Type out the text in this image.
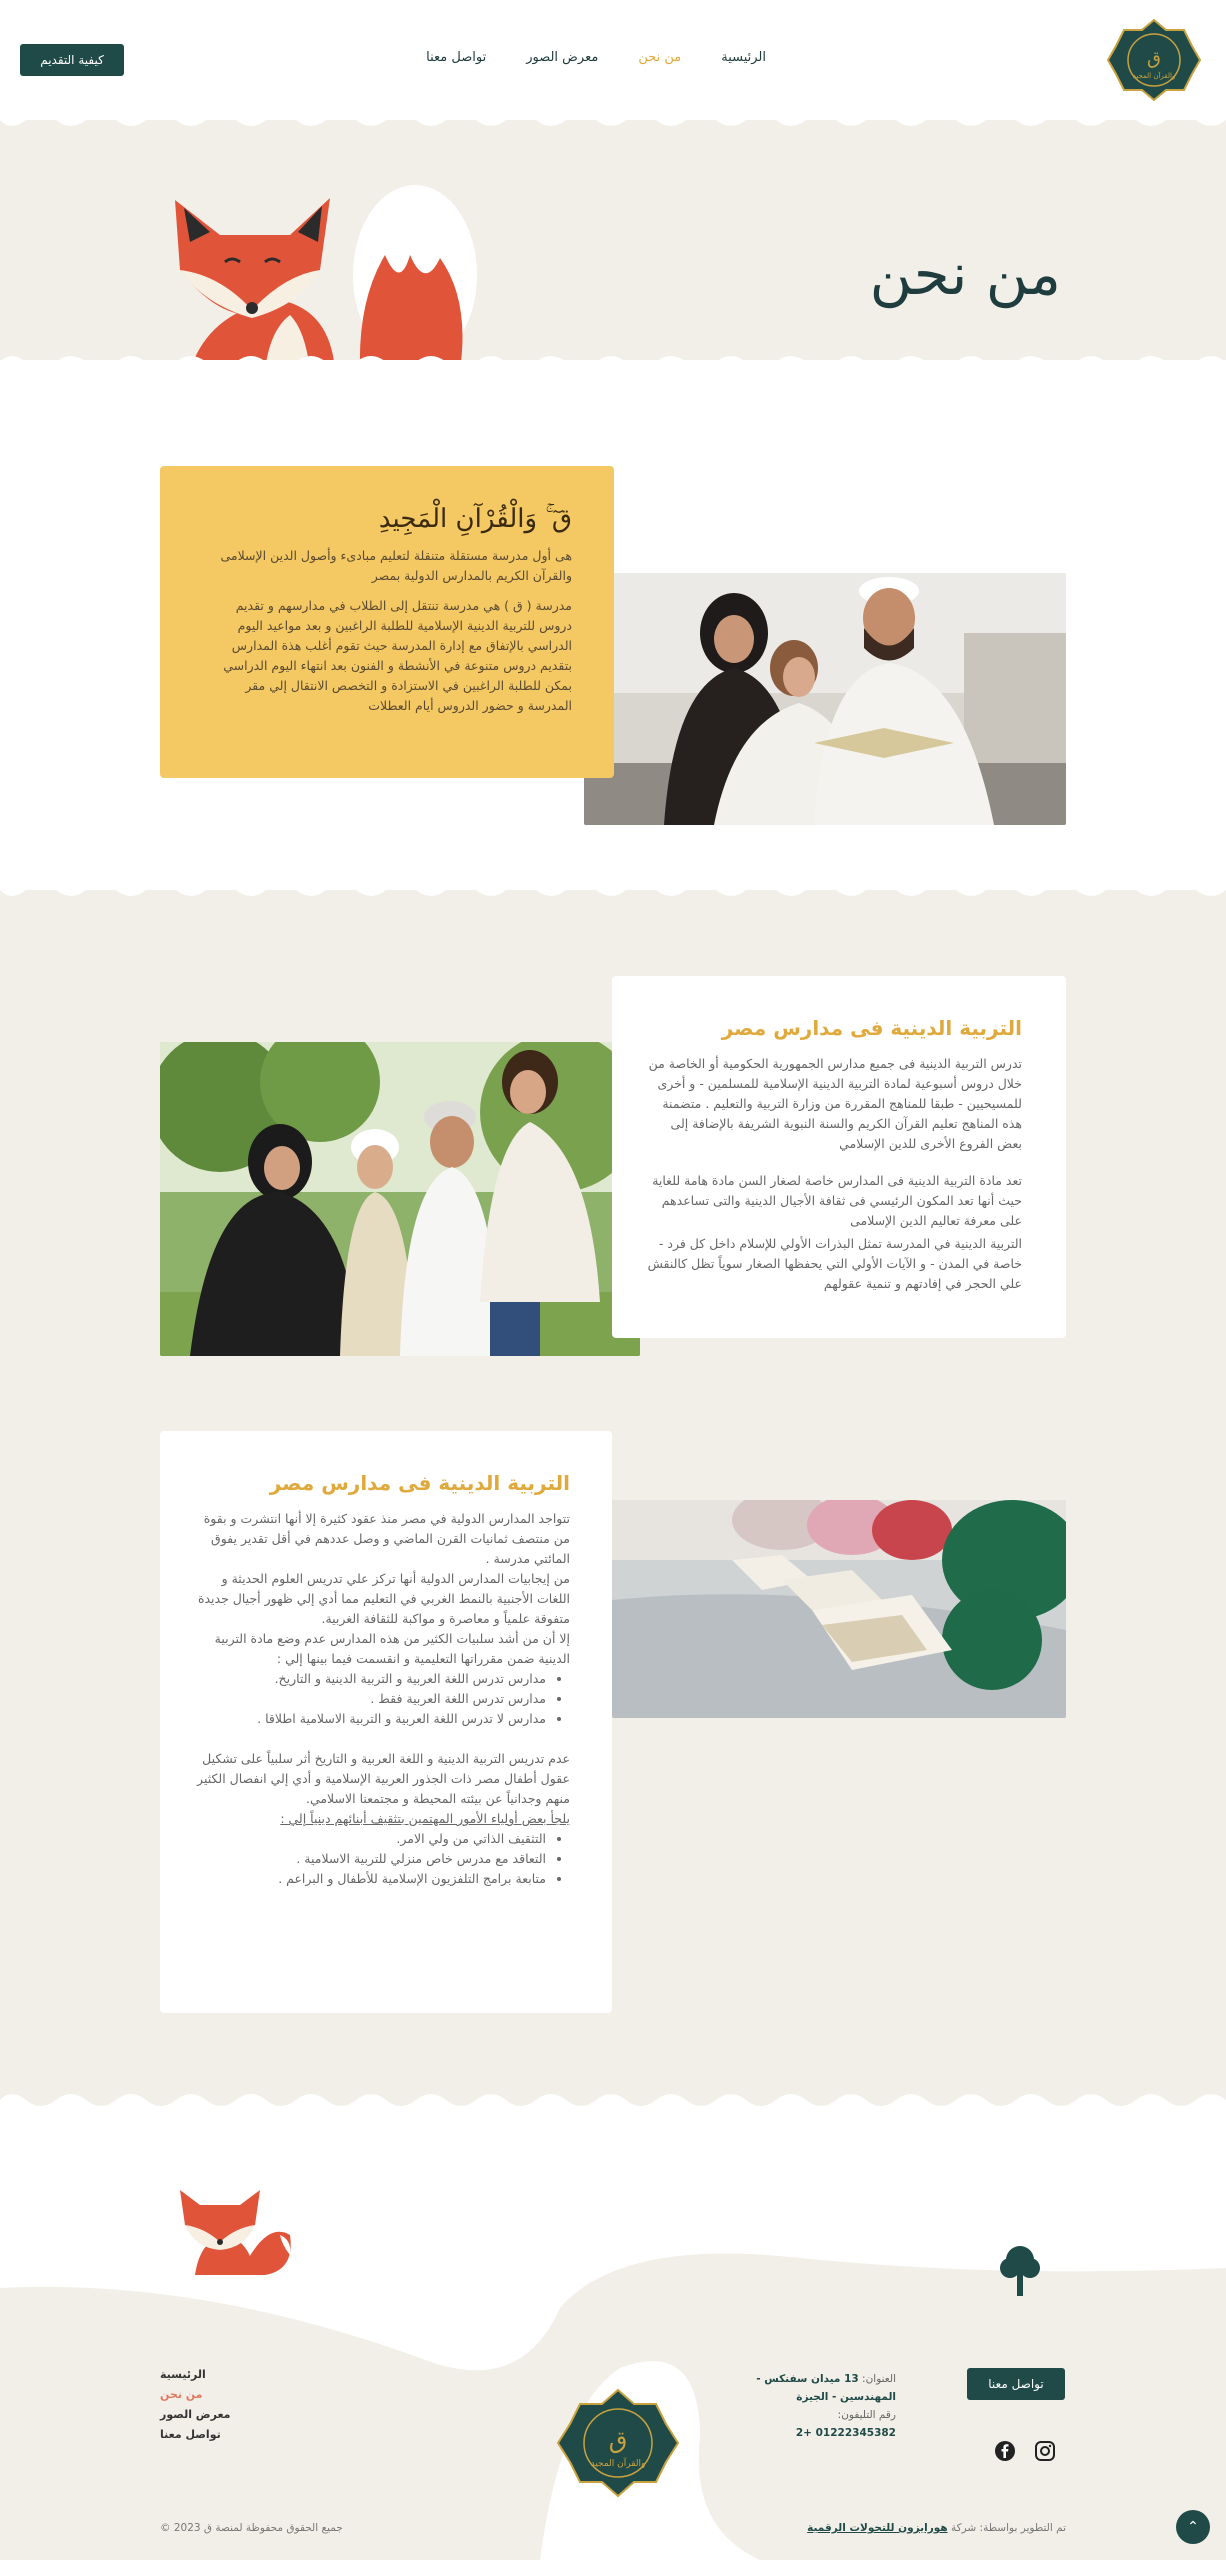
ق
والقرآن المجيد
الرئيسية
من نحن
معرض الصور
تواصل معنا
كيفية التقديم
من نحن
قٓ ۚ وَالْقُرْآنِ الْمَجِيدِ

هى أول مدرسة مستقلة متنقلة لتعليم مبادىء وأصول الدين الإسلامى والقرآن الكريم بالمدارس الدولية بمصر

مدرسة ( ق ) هي مدرسة تنتقل إلى الطلاب في مدارسهم و تقديم دروس للتربية الدينية الإسلامية للطلبة الراغبين و بعد مواعيد اليوم الدراسي بالإتفاق مع إدارة المدرسة حيث تقوم أغلب هذة المدارس بتقديم دروس متنوعة في الأنشطة و الفنون بعد انتهاء اليوم الدراسي بمكن للطلبة الراغبين في الاستزادة و التخصص الانتقال إلي مقر المدرسة و حضور الدروس أيام العطلات

التربية الدينية فى مدارس مصر

تدرس التربية الدينية فى جميع مدارس الجمهورية الحكومية أو الخاصة من خلال دروس أسبوعية لمادة التربية الدينية الإسلامية للمسلمين - و أخرى للمسيحيين - طبقا للمناهج المقررة من وزارة التربية والتعليم . متضمنة هذه المناهج تعليم القرآن الكريم والسنة النبوية الشريفة بالإضافة إلى بعض الفروع الأخرى للدين الإسلامي

تعد مادة التربية الدينية فى المدارس خاصة لصغار السن مادة هامة للغاية حيث أنها تعد المكون الرئيسي فى ثقافة الأجيال الدينية والتى تساعدهم على معرفة تعاليم الدين الإسلامى

التربية الدينية في المدرسة تمثل البذرات الأولي للإسلام داخل كل فرد - خاصة في المدن - و الآيات الأولي التي يحفظها الصغار سوياً تظل كالنقش علي الحجر في إفادتهم و تنمية عقولهم

التربية الدينية فى مدارس مصر

تتواجد المدارس الدولية في مصر منذ عقود كثيرة إلا أنها انتشرت و بقوة من منتصف ثمانيات القرن الماضي و وصل عددهم في أقل تقدير يفوق المائتي مدرسة .

من إيجابيات المدارس الدولية أنها تركز علي تدريس العلوم الحديثة و اللغات الأجنبية بالنمط الغربي في التعليم مما أدي إلي ظهور أجيال جديدة متفوقة علمياً و معاصرة و مواكبة للثقافة الغربية.

إلا أن من أشد سلبيات الكثير من هذه المدارس عدم وضع مادة التربية الدينية ضمن مقرراتها التعليمية و انقسمت فيما بينها إلي :

• مدارس تدرس اللغة العربية و التربية الدينية و التاريخ.
• مدارس تدرس اللغة العربية فقط .
• مدارس لا تدرس اللغة العربية و التربية الاسلامية اطلاقا .

عدم تدريس التربية الدينية و اللغة العربية و التاريخ أثر سلبياً على تشكيل عقول أطفال مصر ذات الجذور العربية الإسلامية و أدي إلي انفصال الكثير منهم وجدانياً عن بيئته المحيطة و مجتمعنا الاسلامي.

يلجأ بعض أولياء الأمور المهتمين بتثقيف أبنائهم دينياً إلي :

• التثقيف الذاتي من ولي الامر.
• التعاقد مع مدرس خاص منزلي للتربية الاسلامية .
• متابعة برامج التلفزيون الإسلامية للأطفال و البراعم .
ق
والقرآن المجيد
الرئيسية
من نحن
معرض الصور
تواصل معنا
العنوان: 13 ميدان سفنكس - المهندسين - الجيزة
رقم التليفون:
01222345382 +2
تواصل معنا
جميع الحقوق محفوظة لمنصة ق 2023 ©	تم التطوير بواسطة: شركة هورايزون للتحولات الرقمية	⌃
